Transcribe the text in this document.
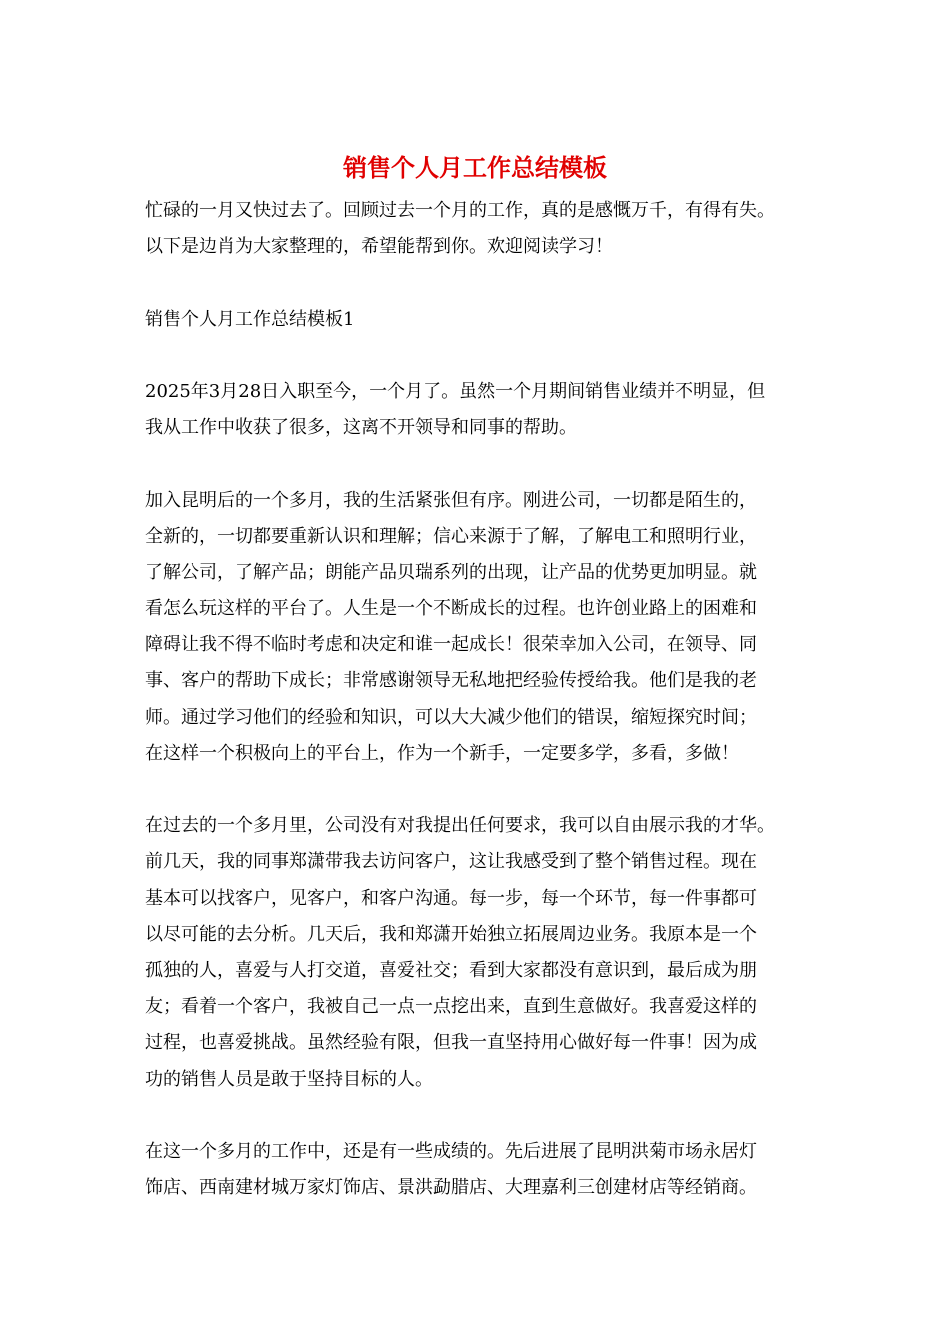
销售个人月工作总结模板
忙碌的一月又快过去了。回顾过去一个月的工作，真的是感慨万千，有得有失。
以下是边肖为大家整理的，希望能帮到你。欢迎阅读学习！
销售个人月工作总结模板1
2025年3月28日入职至今，一个月了。虽然一个月期间销售业绩并不明显，但
我从工作中收获了很多，这离不开领导和同事的帮助。
加入昆明后的一个多月，我的生活紧张但有序。刚进公司，一切都是陌生的，
全新的，一切都要重新认识和理解；信心来源于了解，了解电工和照明行业，
了解公司，了解产品；朗能产品贝瑞系列的出现，让产品的优势更加明显。就
看怎么玩这样的平台了。人生是一个不断成长的过程。也许创业路上的困难和
障碍让我不得不临时考虑和决定和谁一起成长！很荣幸加入公司，在领导、同
事、客户的帮助下成长；非常感谢领导无私地把经验传授给我。他们是我的老
师。通过学习他们的经验和知识，可以大大减少他们的错误，缩短探究时间；
在这样一个积极向上的平台上，作为一个新手，一定要多学，多看，多做！
在过去的一个多月里，公司没有对我提出任何要求，我可以自由展示我的才华。
前几天，我的同事郑潇带我去访问客户，这让我感受到了整个销售过程。现在
基本可以找客户，见客户，和客户沟通。每一步，每一个环节，每一件事都可
以尽可能的去分析。几天后，我和郑潇开始独立拓展周边业务。我原本是一个
孤独的人，喜爱与人打交道，喜爱社交；看到大家都没有意识到，最后成为朋
友；看着一个客户，我被自己一点一点挖出来，直到生意做好。我喜爱这样的
过程，也喜爱挑战。虽然经验有限，但我一直坚持用心做好每一件事！因为成
功的销售人员是敢于坚持目标的人。
在这一个多月的工作中，还是有一些成绩的。先后进展了昆明洪菊市场永居灯
饰店、西南建材城万家灯饰店、景洪勐腊店、大理嘉利三创建材店等经销商。
